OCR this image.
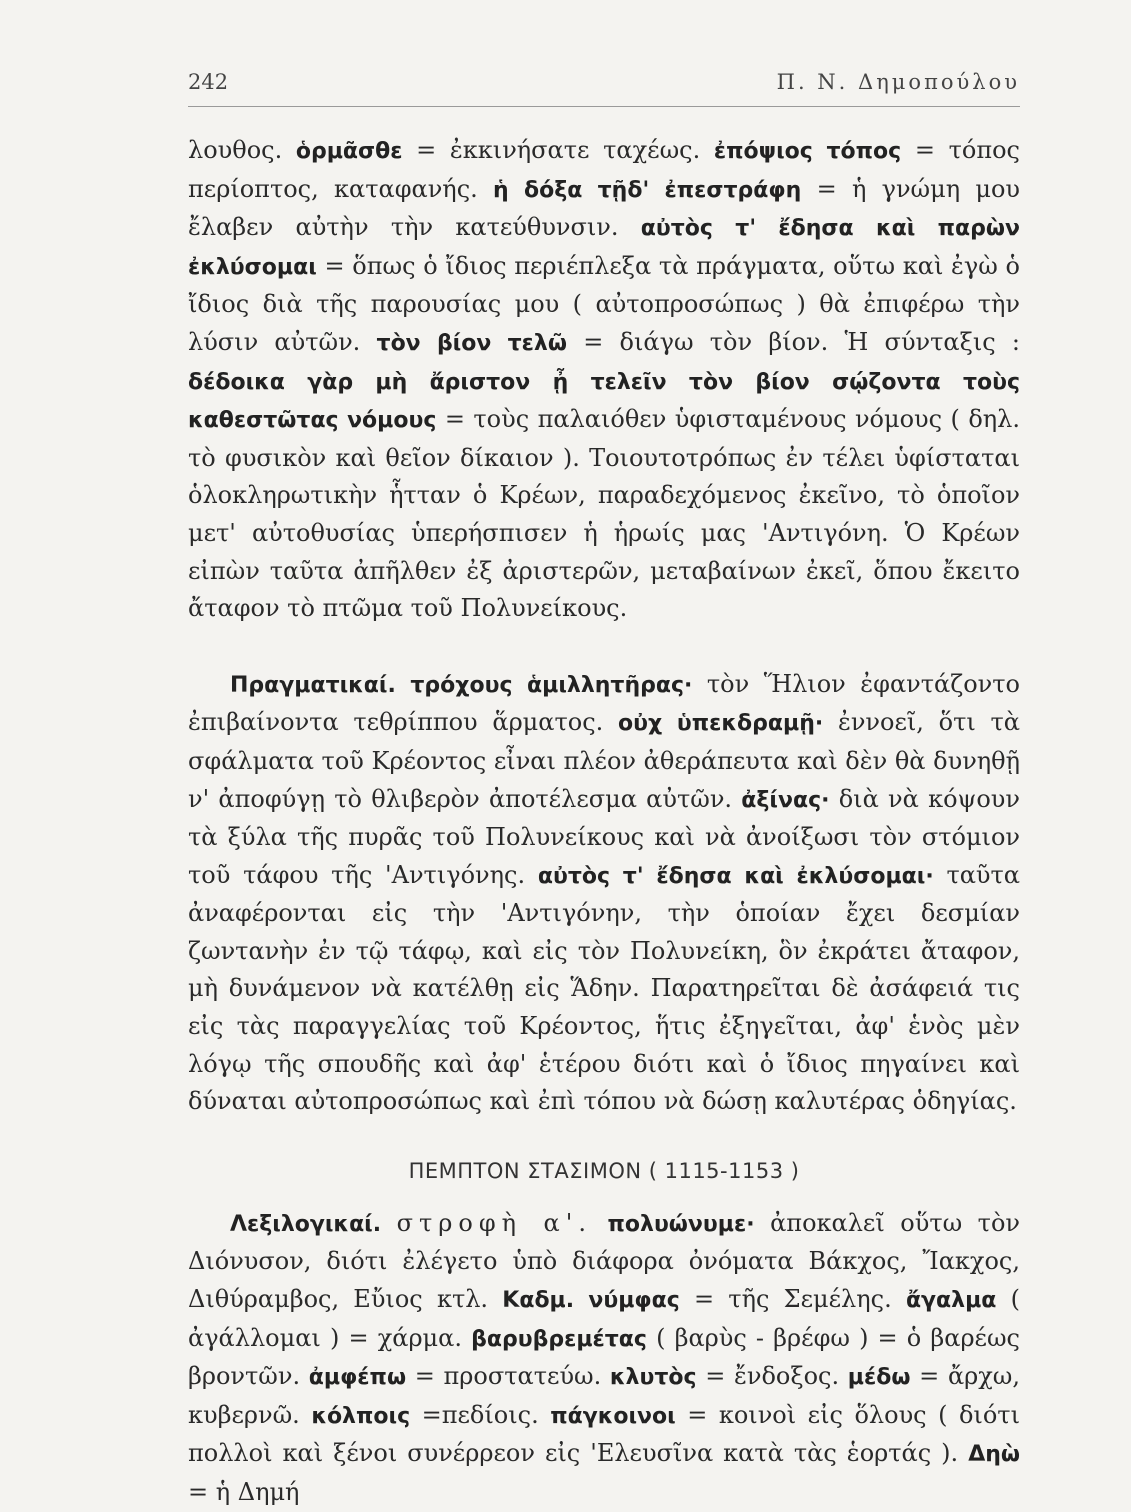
242	Π. Ν. Δημοπούλου

λουθος. ὁρμᾶσθε = ἐκκινήσατε ταχέως. ἐπόψιος τόπος = τόπος περίοπτος, καταφανής. ἡ δόξα τῇδ' ἐπεστράφη = ἡ γνώμη μου ἔλαβεν αὐτὴν τὴν κατεύθυνσιν. αὐτὸς τ' ἔδησα καὶ παρὼν ἐκλύσομαι = ὅπως ὁ ἴδιος περιέπλεξα τὰ πράγματα, οὕτω καὶ ἐγὼ ὁ ἴδιος διὰ τῆς παρουσίας μου ( αὐτοπροσώπως ) θὰ ἐπιφέρω τὴν λύσιν αὐτῶν. τὸν βίον τελῶ = διάγω τὸν βίον. Ἡ σύνταξις : δέδοικα γὰρ μὴ ἄριστον ᾖ τελεῖν τὸν βίον σῴζοντα τοὺς καθεστῶτας νόμους = τοὺς παλαιόθεν ὑφισταμένους νόμους ( δηλ. τὸ φυσικὸν καὶ θεῖον δίκαιον ). Τοιουτοτρόπως ἐν τέλει ὑφίσταται ὁλοκληρωτικὴν ἧτταν ὁ Κρέων, παραδεχόμενος ἐκεῖνο, τὸ ὁποῖον μετ' αὐτοθυσίας ὑπερήσπισεν ἡ ἡρωίς μας 'Αντιγόνη. Ὁ Κρέων εἰπὼν ταῦτα ἀπῆλθεν ἐξ ἀριστερῶν, μεταβαίνων ἐκεῖ, ὅπου ἔκειτο ἄταφον τὸ πτῶμα τοῦ Πολυνείκους.

Πραγματικαί. τρόχους ἁμιλλητῆρας· τὸν Ἥλιον ἐφαντάζοντο ἐπιβαίνοντα τεθρίππου ἅρματος. οὐχ ὑπεκδραμῇ· ἐννοεῖ, ὅτι τὰ σφάλματα τοῦ Κρέοντος εἶναι πλέον ἀθεράπευτα καὶ δὲν θὰ δυνηθῇ ν' ἀποφύγῃ τὸ θλιβερὸν ἀποτέλεσμα αὐτῶν. ἀξίνας· διὰ νὰ κόψουν τὰ ξύλα τῆς πυρᾶς τοῦ Πολυνείκους καὶ νὰ ἀνοίξωσι τὸν στόμιον τοῦ τάφου τῆς 'Αντιγόνης. αὐτὸς τ' ἔδησα καὶ ἐκλύσομαι· ταῦτα ἀναφέρονται εἰς τὴν 'Αντιγόνην, τὴν ὁποίαν ἔχει δεσμίαν ζωντανὴν ἐν τῷ τάφῳ, καὶ εἰς τὸν Πολυνείκη, ὃν ἐκράτει ἄταφον, μὴ δυνάμενον νὰ κατέλθῃ εἰς Ἅδην. Παρατηρεῖται δὲ ἀσάφειά τις εἰς τὰς παραγγελίας τοῦ Κρέοντος, ἥτις ἐξηγεῖται, ἀφ' ἑνὸς μὲν λόγῳ τῆς σπουδῆς καὶ ἀφ' ἑτέρου διότι καὶ ὁ ἴδιος πηγαίνει καὶ δύναται αὐτοπροσώπως καὶ ἐπὶ τόπου νὰ δώσῃ καλυτέρας ὁδηγίας.

ΠΕΜΠΤΟΝ ΣΤΑΣΙΜΟΝ ( 1115-1153 )

Λεξιλογικαί. στροφὴ α'. πολυώνυμε· ἀποκαλεῖ οὕτω τὸν Διόνυσον, διότι ἐλέγετο ὑπὸ διάφορα ὀνόματα Βάκχος, Ἴακχος, Διθύραμβος, Εὔιος κτλ. Καδμ. νύμφας = τῆς Σεμέλης. ἄγαλμα ( ἀγάλλομαι ) = χάρμα. βαρυβρεμέτας ( βαρὺς - βρέφω ) = ὁ βαρέως βροντῶν. ἀμφέπω = προστατεύω. κλυτὸς = ἔνδοξος. μέδω = ἄρχω, κυβερνῶ. κόλποις =πεδίοις. πάγκοινοι = κοινοὶ εἰς ὅλους ( διότι πολλοὶ καὶ ξένοι συνέρρεον εἰς 'Ελευσῖνα κατὰ τὰς ἑορτάς ). Δηὼ = ἡ Δημή
